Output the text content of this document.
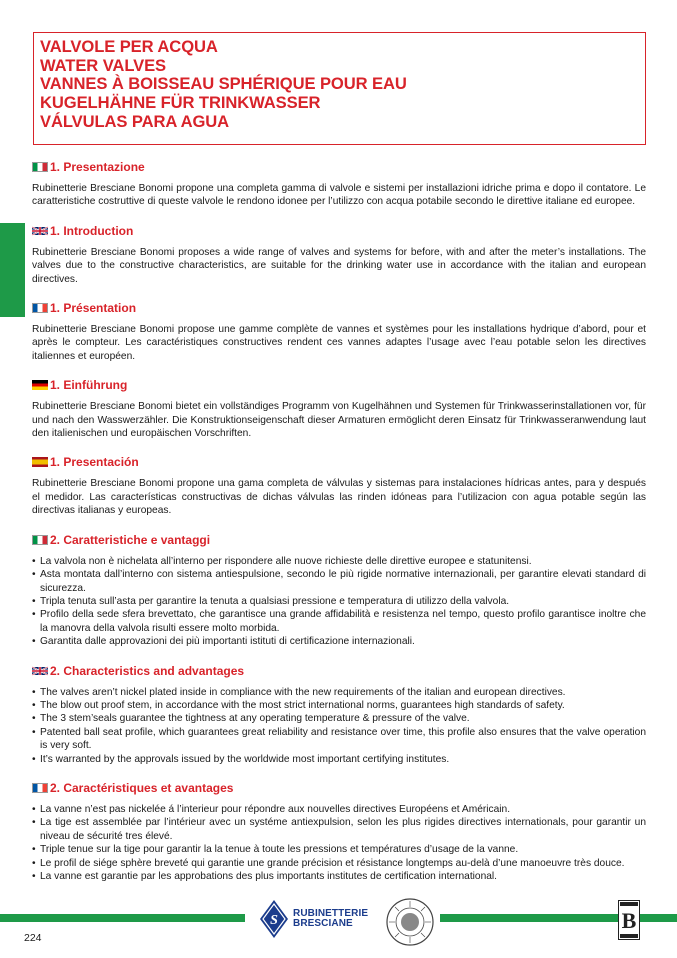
VALVOLE PER ACQUA
WATER VALVES
VANNES À BOISSEAU SPHÉRIQUE POUR EAU
KUGELHÄHNE FÜR TRINKWASSER
VÁLVULAS PARA AGUA
1. Presentazione

Rubinetterie Bresciane Bonomi propone una completa gamma di valvole e sistemi per installazioni idriche prima e dopo il contatore. Le caratteristiche costruttive di queste valvole le rendono idonee per l’utilizzo con acqua potabile secondo le direttive italiane ed europee.

1. Introduction

Rubinetterie Bresciane Bonomi proposes a wide range of valves and systems for before, with and after the meter’s installations. The valves due to the constructive characteristics, are suitable for the drinking water use in accordance with the italian and european directives.

1. Présentation

Rubinetterie Bresciane Bonomi propose une gamme complète de vannes et systèmes pour les installations hydrique d’abord, pour et après le compteur. Les caractéristiques constructives rendent ces vannes adaptes l’usage avec l’eau potable selon les directives italiennes et européen.

1. Einführung

Rubinetterie Bresciane Bonomi bietet ein vollständiges Programm von Kugelhähnen und Systemen für Trinkwasserinstallationen vor, für und nach den Wasswerzähler. Die Konstruktionseigenschaft dieser Armaturen ermöglicht deren Einsatz für Trinkwasseranwendung laut den italienischen und europäischen Vorschriften.

1. Presentación

Rubinetterie Bresciane Bonomi propone una gama completa de válvulas y sistemas para instalaciones hídricas antes, para y después el medidor. Las características constructivas de dichas válvulas las rinden idóneas para l’utilizacion con agua potable según las directivas italianas y europeas.

2. Caratteristiche e vantaggi
• La valvola non è nichelata all’interno per rispondere alle nuove richieste delle direttive europee e statunitensi.
• Asta montata dall’interno con sistema antiespulsione, secondo le più rigide normative internazionali, per garantire elevati standard di sicurezza.
• Tripla tenuta sull’asta per garantire la tenuta a qualsiasi pressione e temperatura di utilizzo della valvola.
• Profilo della sede sfera brevettato, che garantisce una grande affidabilità e resistenza nel tempo, questo profilo garantisce inoltre che la manovra della valvola risulti essere molto morbida.
• Garantita dalle approvazioni dei più importanti istituti di certificazione internazionali.
2. Characteristics and advantages
• The valves aren’t nickel plated inside in compliance with the new requirements of the italian and european directives.
• The blow out proof stem, in accordance with the most strict international norms, guarantees high standards of safety.
• The 3 stem’seals guarantee the tightness at any operating temperature & pressure of the valve.
• Patented ball seat profile, which guarantees great reliability and resistance over time, this profile also ensures that the valve operation is very soft.
• It’s warranted by the approvals issued by the worldwide most important certifying institutes.
2. Caractéristiques et avantages
• La vanne n’est pas nickelée á l’interieur pour répondre aux nouvelles directives Européens et Américain.
• La tige est assemblée par l’intérieur avec un systéme antiexpulsion, selon les plus rigides directives internationals, pour garantir un niveau de sécurité tres élevé.
• Triple tenue sur la tige pour garantir la la tenue à toute les pressions et températures d’usage de la vanne.
• Le profil de siége sphère breveté qui garantie une grande précision et résistance longtemps au-delà d’une manoeuvre très douce.
• La vanne est garantie par les approbations des plus importants institutes de certification international.
224
S RUBINETTERIE
BRESCIANE	B
